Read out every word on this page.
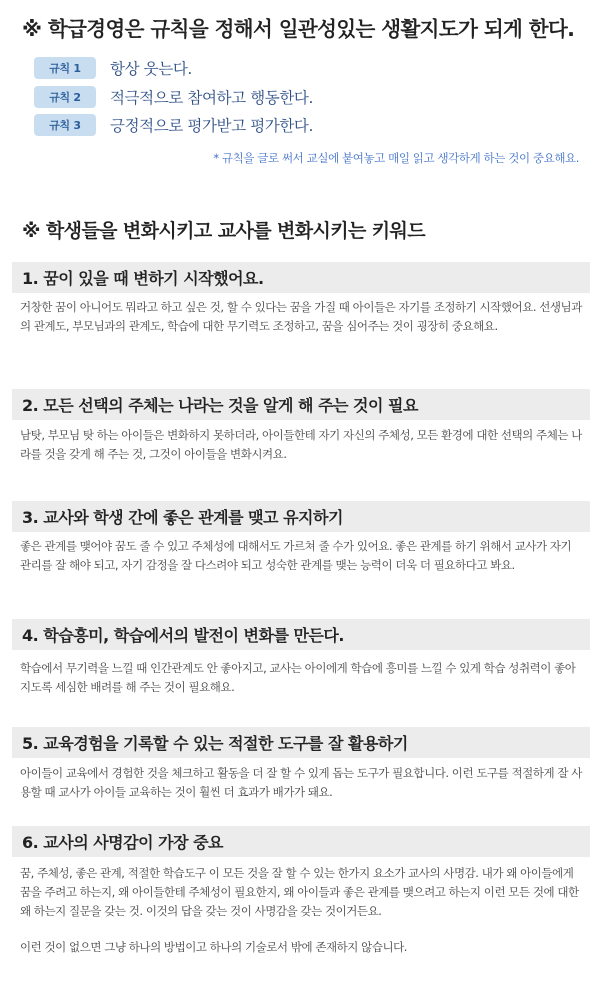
※ 학급경영은 규칙을 정해서 일관성있는 생활지도가 되게 한다.
규칙 1	항상 웃는다.
규칙 2	적극적으로 참여하고 행동한다.
규칙 3	긍정적으로 평가받고 평가한다.
* 규칙을 글로 써서 교실에 붙여놓고 매일 읽고 생각하게 하는 것이 중요해요.
※ 학생들을 변화시키고 교사를 변화시키는 키워드
1. 꿈이 있을 때 변하기 시작했어요.

거창한 꿈이 아니어도 뭐라고 하고 싶은 것, 할 수 있다는 꿈을 가질 때 아이들은 자기를 조정하기 시작했어요. 선생님과의 관계도, 부모님과의 관계도, 학습에 대한 무기력도 조정하고, 꿈을 심어주는 것이 굉장히 중요해요.

2. 모든 선택의 주체는 나라는 것을 알게 해 주는 것이 필요

남탓, 부모님 탓 하는 아이들은 변화하지 못하더라, 아이들한테 자기 자신의 주체성, 모든 환경에 대한 선택의 주체는 나라를 것을 갖게 해 주는 것, 그것이 아이들을 변화시켜요.

3. 교사와 학생 간에 좋은 관계를 맺고 유지하기

좋은 관계를 맺어야 꿈도 줄 수 있고 주체성에 대해서도 가르쳐 줄 수가 있어요. 좋은 관계를 하기 위해서 교사가 자기 관리를 잘 해야 되고, 자기 감정을 잘 다스려야 되고 성숙한 관계를 맺는 능력이 더욱 더 필요하다고 봐요.

4. 학습흥미, 학습에서의 발전이 변화를 만든다.

학습에서 무기력을 느낄 때 인간관계도 안 좋아지고, 교사는 아이에게 학습에 흥미를 느낄 수 있게 학습 성취력이 좋아지도록 세심한 배려를 해 주는 것이 필요해요.

5. 교육경험을 기록할 수 있는 적절한 도구를 잘 활용하기

아이들이 교육에서 경험한 것을 체크하고 활동을 더 잘 할 수 있게 돕는 도구가 필요합니다. 이런 도구를 적절하게 잘 사용할 때 교사가 아이들 교육하는 것이 훨씬 더 효과가 배가가 돼요.

6. 교사의 사명감이 가장 중요

꿈, 주체성, 좋은 관계, 적절한 학습도구 이 모든 것을 잘 할 수 있는 한가지 요소가 교사의 사명감. 내가 왜 아이들에게 꿈을 주려고 하는지, 왜 아이들한테 주체성이 필요한지, 왜 아이들과 좋은 관계를 맺으려고 하는지 이런 모든 것에 대한 왜 하는지 질문을 갖는 것. 이것의 답을 갖는 것이 사명감을 갖는 것이거든요.

이런 것이 없으면 그냥 하나의 방법이고 하나의 기술로서 밖에 존재하지 않습니다.
